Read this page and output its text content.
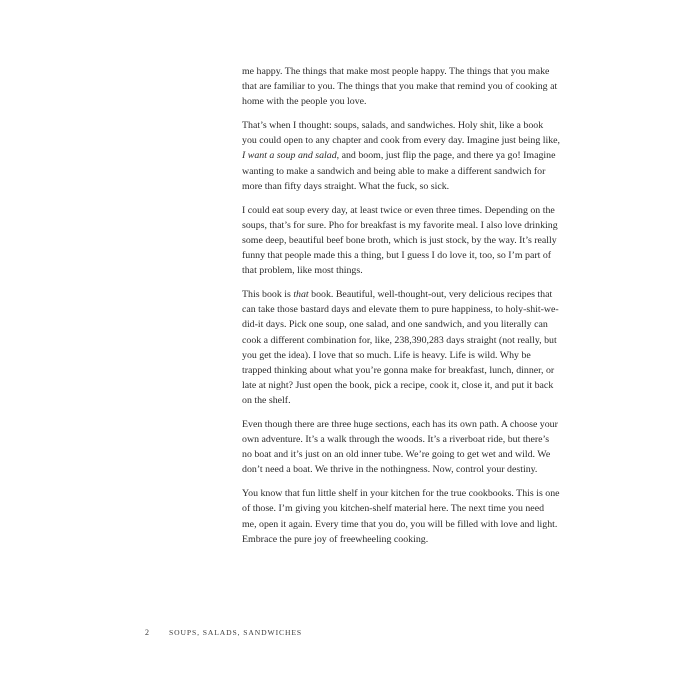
me happy. The things that make most people happy. The things that you make that are familiar to you. The things that you make that remind you of cooking at home with the people you love.

That’s when I thought: soups, salads, and sandwiches. Holy shit, like a book you could open to any chapter and cook from every day. Imagine just being like, I want a soup and salad, and boom, just flip the page, and there ya go! Imagine wanting to make a sandwich and being able to make a different sandwich for more than fifty days straight. What the fuck, so sick.

I could eat soup every day, at least twice or even three times. Depending on the soups, that’s for sure. Pho for breakfast is my favorite meal. I also love drinking some deep, beautiful beef bone broth, which is just stock, by the way. It’s really funny that people made this a thing, but I guess I do love it, too, so I’m part of that problem, like most things.

This book is that book. Beautiful, well-thought-out, very delicious recipes that can take those bastard days and elevate them to pure happiness, to holy-shit-we-did-it days. Pick one soup, one salad, and one sandwich, and you literally can cook a different combination for, like, 238,390,283 days straight (not really, but you get the idea). I love that so much. Life is heavy. Life is wild. Why be trapped thinking about what you’re gonna make for breakfast, lunch, dinner, or late at night? Just open the book, pick a recipe, cook it, close it, and put it back on the shelf.

Even though there are three huge sections, each has its own path. A choose your own adventure. It’s a walk through the woods. It’s a riverboat ride, but there’s no boat and it’s just on an old inner tube. We’re going to get wet and wild. We don’t need a boat. We thrive in the nothingness. Now, control your destiny.

You know that fun little shelf in your kitchen for the true cookbooks. This is one of those. I’m giving you kitchen-shelf material here. The next time you need me, open it again. Every time that you do, you will be filled with love and light. Embrace the pure joy of freewheeling cooking.

2	SOUPS, SALADS, SANDWICHES
